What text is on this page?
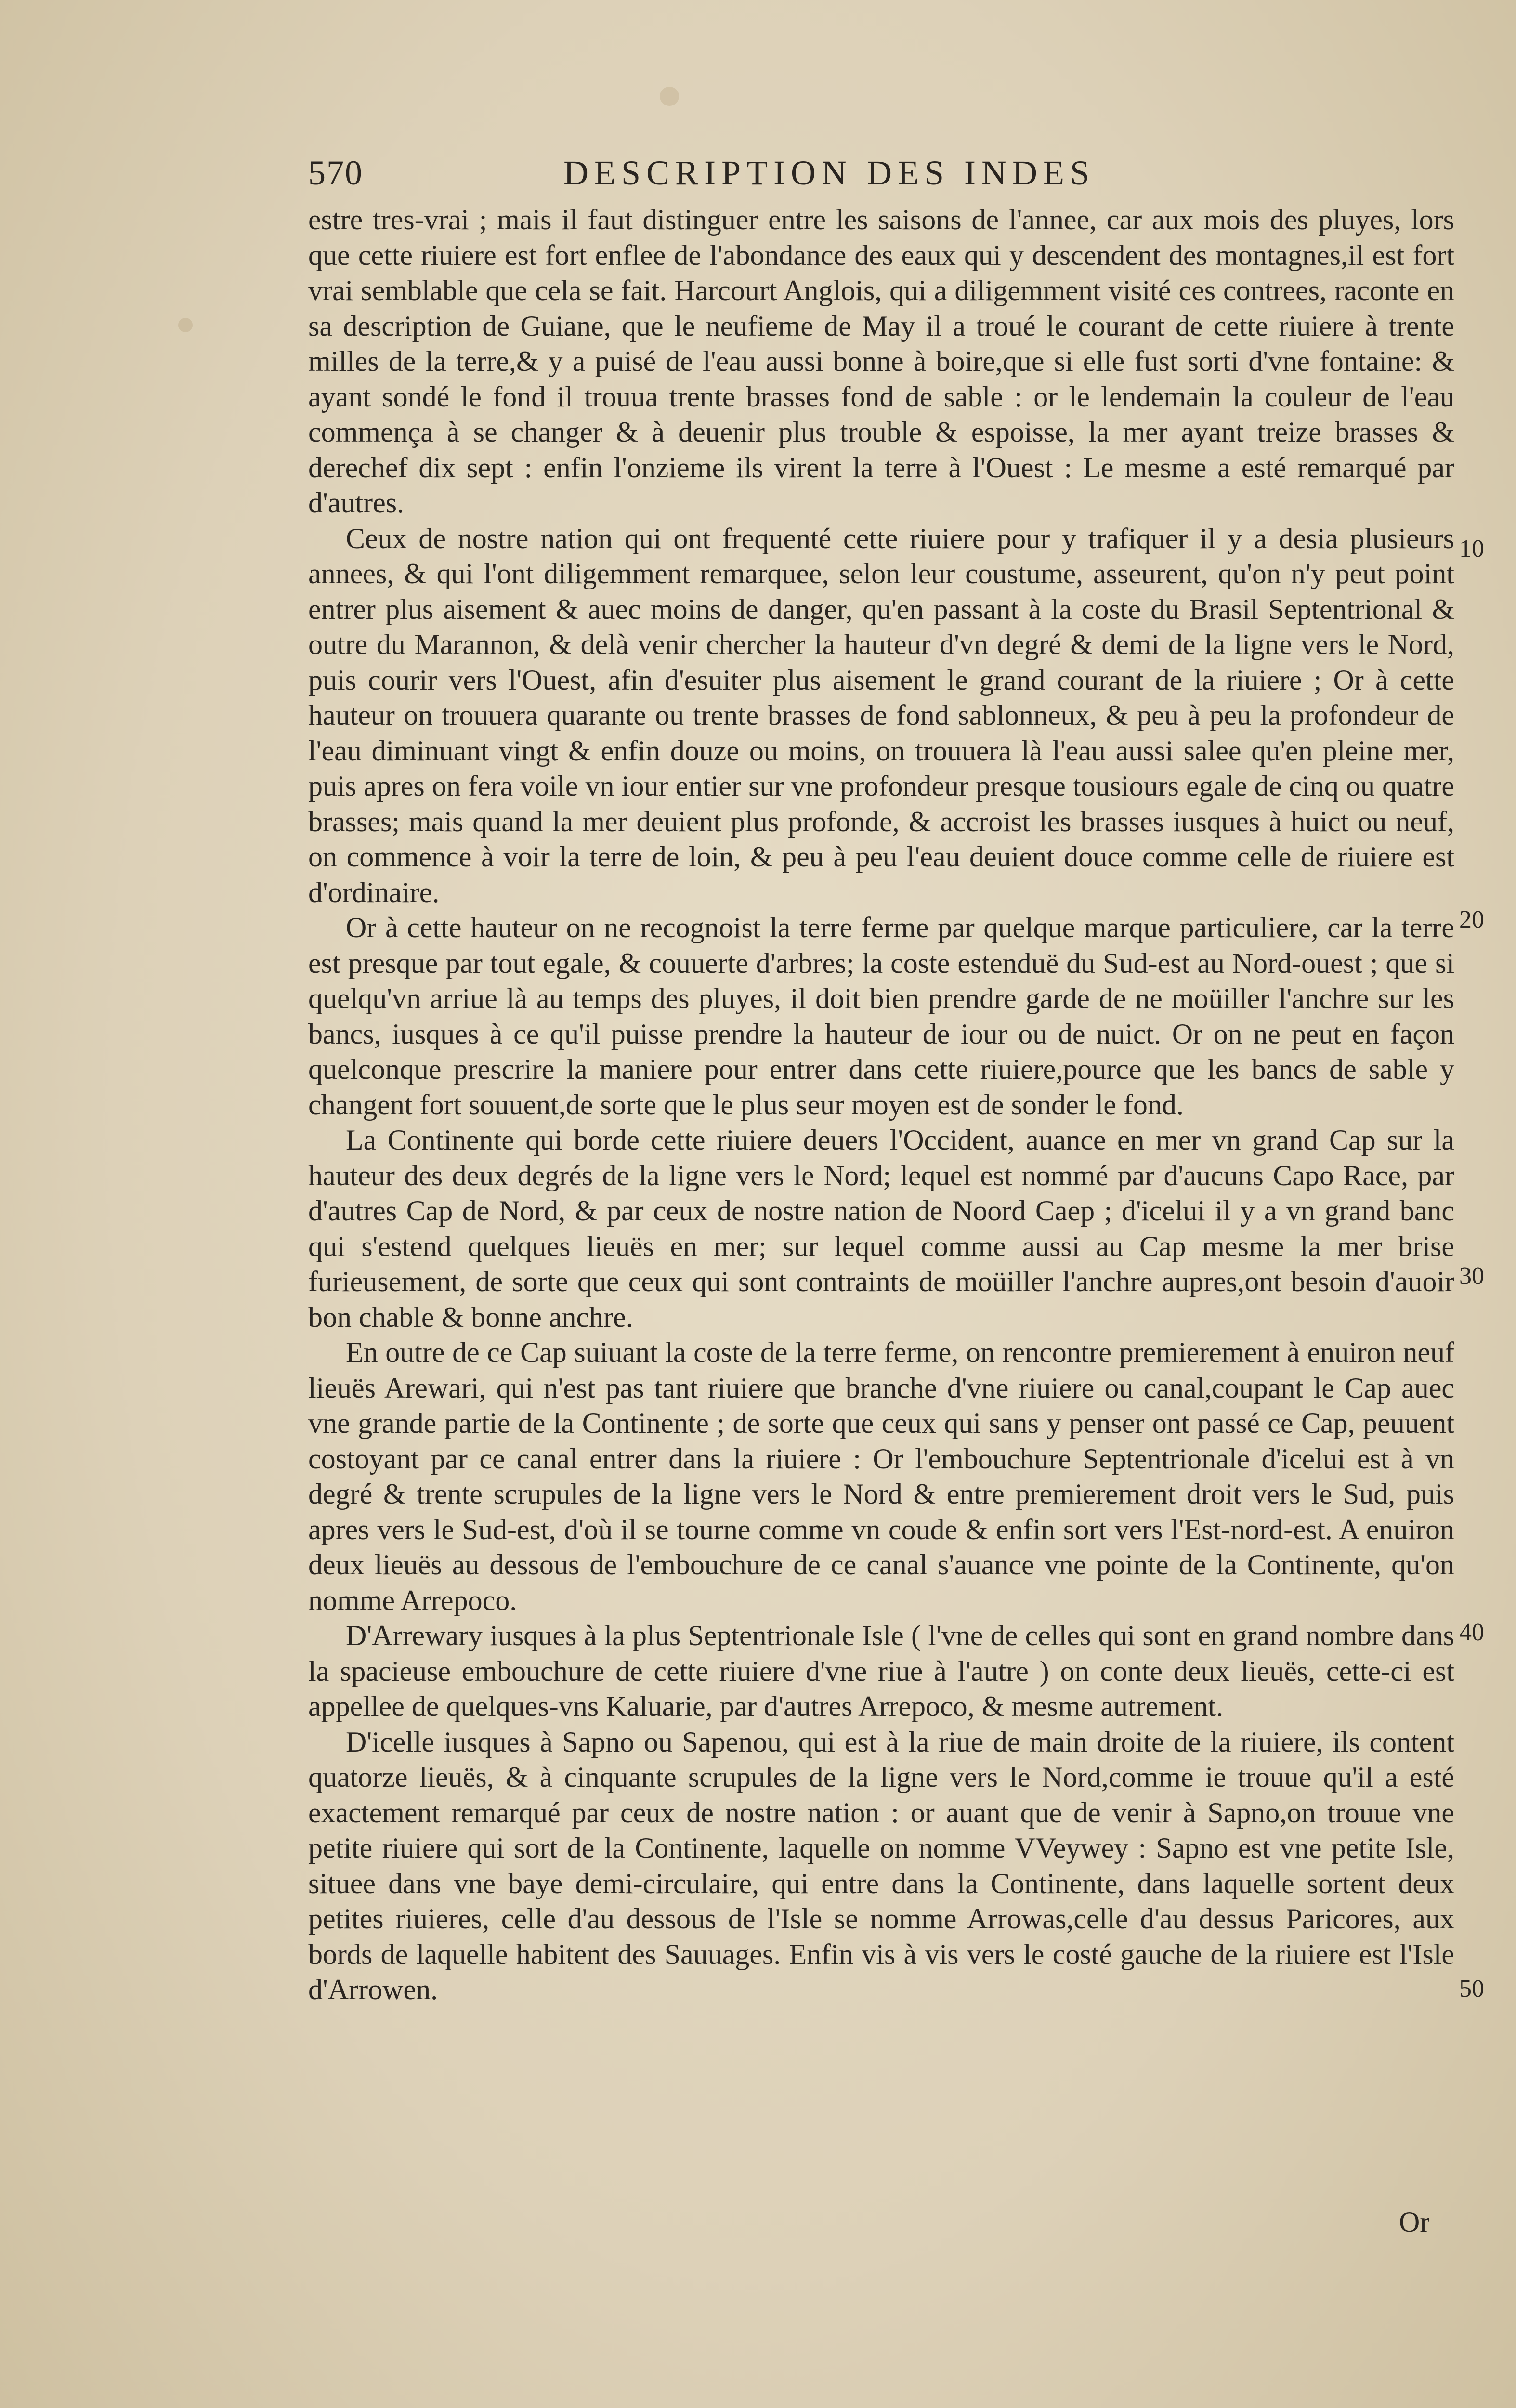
570	DESCRIPTION DES INDES

estre tres-vrai ; mais il faut distinguer entre les saisons de l'annee, car aux mois des pluyes, lors que cette riuiere est fort enflee de l'abondance des eaux qui y descendent des montagnes,il est fort vrai semblable que cela se fait. Harcourt Anglois, qui a diligemment visité ces contrees, raconte en sa description de Guiane, que le neufieme de May il a troué le courant de cette riuiere à trente milles de la terre,& y a puisé de l'eau aussi bonne à boire,que si elle fust sorti d'vne fontaine: & ayant sondé le fond il trouua trente brasses fond de sable : or le lendemain la couleur de l'eau commença à se changer & à deuenir plus trouble & espoisse, la mer ayant treize brasses & derechef dix sept : enfin l'onzieme ils virent la terre à l'Ouest : Le mesme a esté remarqué par d'autres.

Ceux de nostre nation qui ont frequenté cette riuiere pour y trafiquer il y a desia plusieurs annees, & qui l'ont diligemment remarquee, selon leur coustume, asseurent, qu'on n'y peut point entrer plus aisement & auec moins de danger, qu'en passant à la coste du Brasil Septentrional & outre du Marannon, & delà venir chercher la hauteur d'vn degré & demi de la ligne vers le Nord, puis courir vers l'Ouest, afin d'esuiter plus aisement le grand courant de la riuiere ; Or à cette hauteur on trouuera quarante ou trente brasses de fond sablonneux, & peu à peu la profondeur de l'eau diminuant vingt & enfin douze ou moins, on trouuera là l'eau aussi salee qu'en pleine mer, puis apres on fera voile vn iour entier sur vne profondeur presque tousiours egale de cinq ou quatre brasses; mais quand la mer deuient plus profonde, & accroist les brasses iusques à huict ou neuf, on commence à voir la terre de loin, & peu à peu l'eau deuient douce comme celle de riuiere est d'ordinaire.

Or à cette hauteur on ne recognoist la terre ferme par quelque marque particuliere, car la terre est presque par tout egale, & couuerte d'arbres; la coste estenduë du Sud-est au Nord-ouest ; que si quelqu'vn arriue là au temps des pluyes, il doit bien prendre garde de ne moüiller l'anchre sur les bancs, iusques à ce qu'il puisse prendre la hauteur de iour ou de nuict. Or on ne peut en façon quelconque prescrire la maniere pour entrer dans cette riuiere,pource que les bancs de sable y changent fort souuent,de sorte que le plus seur moyen est de sonder le fond.

La Continente qui borde cette riuiere deuers l'Occident, auance en mer vn grand Cap sur la hauteur des deux degrés de la ligne vers le Nord; lequel est nommé par d'aucuns Capo Race, par d'autres Cap de Nord, & par ceux de nostre nation de Noord Caep ; d'icelui il y a vn grand banc qui s'estend quelques lieuës en mer; sur lequel comme aussi au Cap mesme la mer brise furieusement, de sorte que ceux qui sont contraints de moüiller l'anchre aupres,ont besoin d'auoir bon chable & bonne anchre.

En outre de ce Cap suiuant la coste de la terre ferme, on rencontre premierement à enuiron neuf lieuës Arewari, qui n'est pas tant riuiere que branche d'vne riuiere ou canal,coupant le Cap auec vne grande partie de la Continente ; de sorte que ceux qui sans y penser ont passé ce Cap, peuuent costoyant par ce canal entrer dans la riuiere : Or l'embouchure Septentrionale d'icelui est à vn degré & trente scrupules de la ligne vers le Nord & entre premierement droit vers le Sud, puis apres vers le Sud-est, d'où il se tourne comme vn coude & enfin sort vers l'Est-nord-est. A enuiron deux lieuës au dessous de l'embouchure de ce canal s'auance vne pointe de la Continente, qu'on nomme Arrepoco.

D'Arrewary iusques à la plus Septentrionale Isle ( l'vne de celles qui sont en grand nombre dans la spacieuse embouchure de cette riuiere d'vne riue à l'autre ) on conte deux lieuës, cette-ci est appellee de quelques-vns Kaluarie, par d'autres Arrepoco, & mesme autrement.

D'icelle iusques à Sapno ou Sapenou, qui est à la riue de main droite de la riuiere, ils content quatorze lieuës, & à cinquante scrupules de la ligne vers le Nord,comme ie trouue qu'il a esté exactement remarqué par ceux de nostre nation : or auant que de venir à Sapno,on trouue vne petite riuiere qui sort de la Continente, laquelle on nomme VVeywey : Sapno est vne petite Isle, situee dans vne baye demi-circulaire, qui entre dans la Continente, dans laquelle sortent deux petites riuieres, celle d'au dessous de l'Isle se nomme Arrowas,celle d'au dessus Paricores, aux bords de laquelle habitent des Sauuages. Enfin vis à vis vers le costé gauche de la riuiere est l'Isle d'Arrowen.

10
20
30
40
50
Or
